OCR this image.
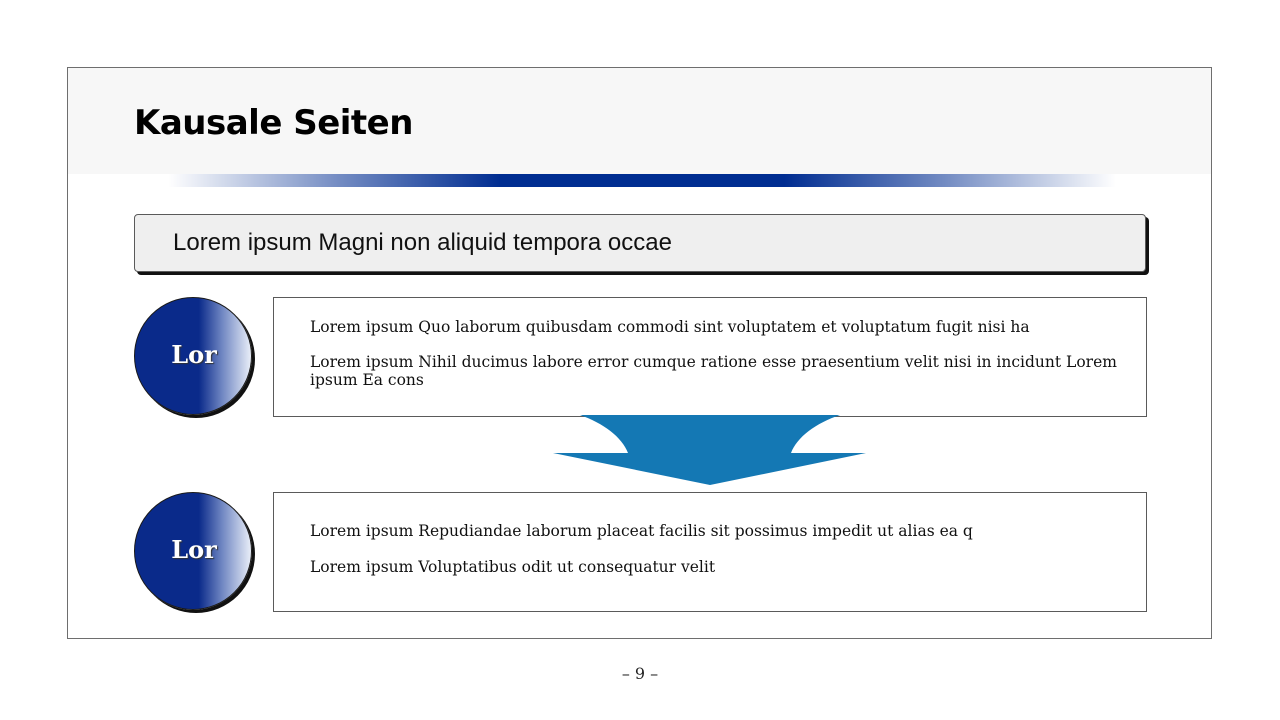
Kausale Seiten
Lorem ipsum Magni non aliquid tempora occae
Lor
Lorem ipsum Quo laborum quibusdam commodi sint voluptatem et voluptatum fugit nisi ha
Lorem ipsum Nihil ducimus labore error cumque ratione esse praesentium velit nisi in incidunt Lorem ipsum Ea cons
Lor
Lorem ipsum Repudiandae laborum placeat facilis sit possimus impedit ut alias ea q
Lorem ipsum Voluptatibus odit ut consequatur velit
– 9 –
